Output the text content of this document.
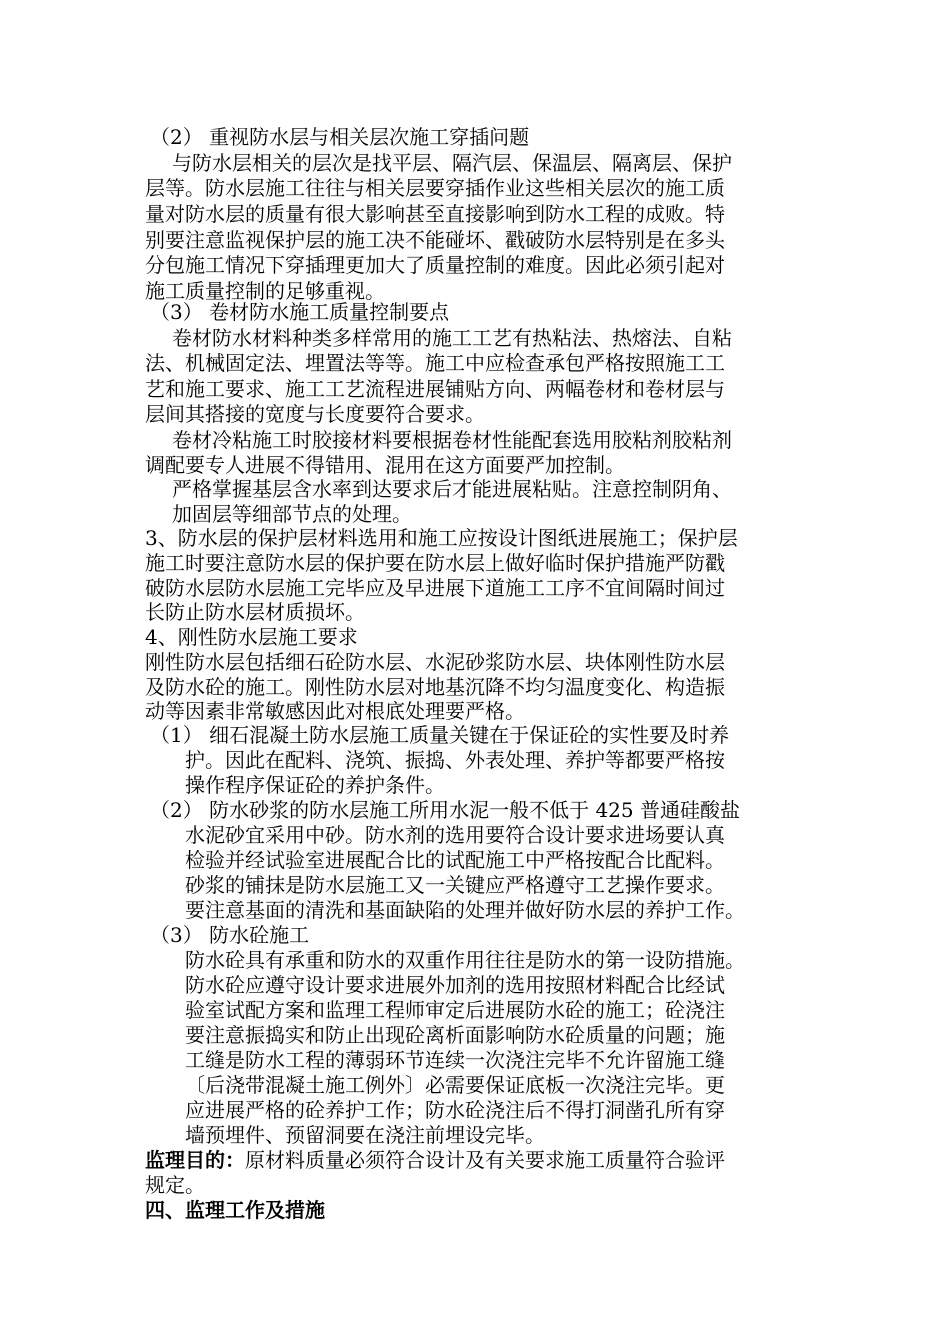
（2） 重视防水层与相关层次施工穿插问题
与防水层相关的层次是找平层、隔汽层、保温层、隔离层、保护
层等。防水层施工往往与相关层要穿插作业这些相关层次的施工质
量对防水层的质量有很大影响甚至直接影响到防水工程的成败。特
别要注意监视保护层的施工决不能碰坏、戳破防水层特别是在多头
分包施工情况下穿插理更加大了质量控制的难度。因此必须引起对
施工质量控制的足够重视。
（3） 卷材防水施工质量控制要点
卷材防水材料种类多样常用的施工工艺有热粘法、热熔法、自粘
法、机械固定法、埋置法等等。施工中应检查承包严格按照施工工
艺和施工要求、施工工艺流程进展铺贴方向、两幅卷材和卷材层与
层间其搭接的宽度与长度要符合要求。
卷材冷粘施工时胶接材料要根据卷材性能配套选用胶粘剂胶粘剂
调配要专人进展不得错用、混用在这方面要严加控制。
严格掌握基层含水率到达要求后才能进展粘贴。注意控制阴角、
加固层等细部节点的处理。
3、防水层的保护层材料选用和施工应按设计图纸进展施工；保护层
施工时要注意防水层的保护要在防水层上做好临时保护措施严防戳
破防水层防水层施工完毕应及早进展下道施工工序不宜间隔时间过
长防止防水层材质损坏。
4、刚性防水层施工要求
刚性防水层包括细石砼防水层、水泥砂浆防水层、块体刚性防水层
及防水砼的施工。刚性防水层对地基沉降不均匀温度变化、构造振
动等因素非常敏感因此对根底处理要严格。
（1） 细石混凝土防水层施工质量关键在于保证砼的实性要及时养
护。因此在配料、浇筑、振捣、外表处理、养护等都要严格按
操作程序保证砼的养护条件。
（2） 防水砂浆的防水层施工所用水泥一般不低于 425 普通硅酸盐
水泥砂宜采用中砂。防水剂的选用要符合设计要求进场要认真
检验并经试验室进展配合比的试配施工中严格按配合比配料。
砂浆的铺抹是防水层施工又一关键应严格遵守工艺操作要求。
要注意基面的清洗和基面缺陷的处理并做好防水层的养护工作。
（3） 防水砼施工
防水砼具有承重和防水的双重作用往往是防水的第一设防措施。
防水砼应遵守设计要求进展外加剂的选用按照材料配合比经试
验室试配方案和监理工程师审定后进展防水砼的施工；砼浇注
要注意振捣实和防止出现砼离析面影响防水砼质量的问题；施
工缝是防水工程的薄弱环节连续一次浇注完毕不允许留施工缝
〔后浇带混凝土施工例外〕必需要保证底板一次浇注完毕。更
应进展严格的砼养护工作；防水砼浇注后不得打洞凿孔所有穿
墙预埋件、预留洞要在浇注前埋设完毕。
监理目的：原材料质量必须符合设计及有关要求施工质量符合验评
规定。
四、监理工作及措施
